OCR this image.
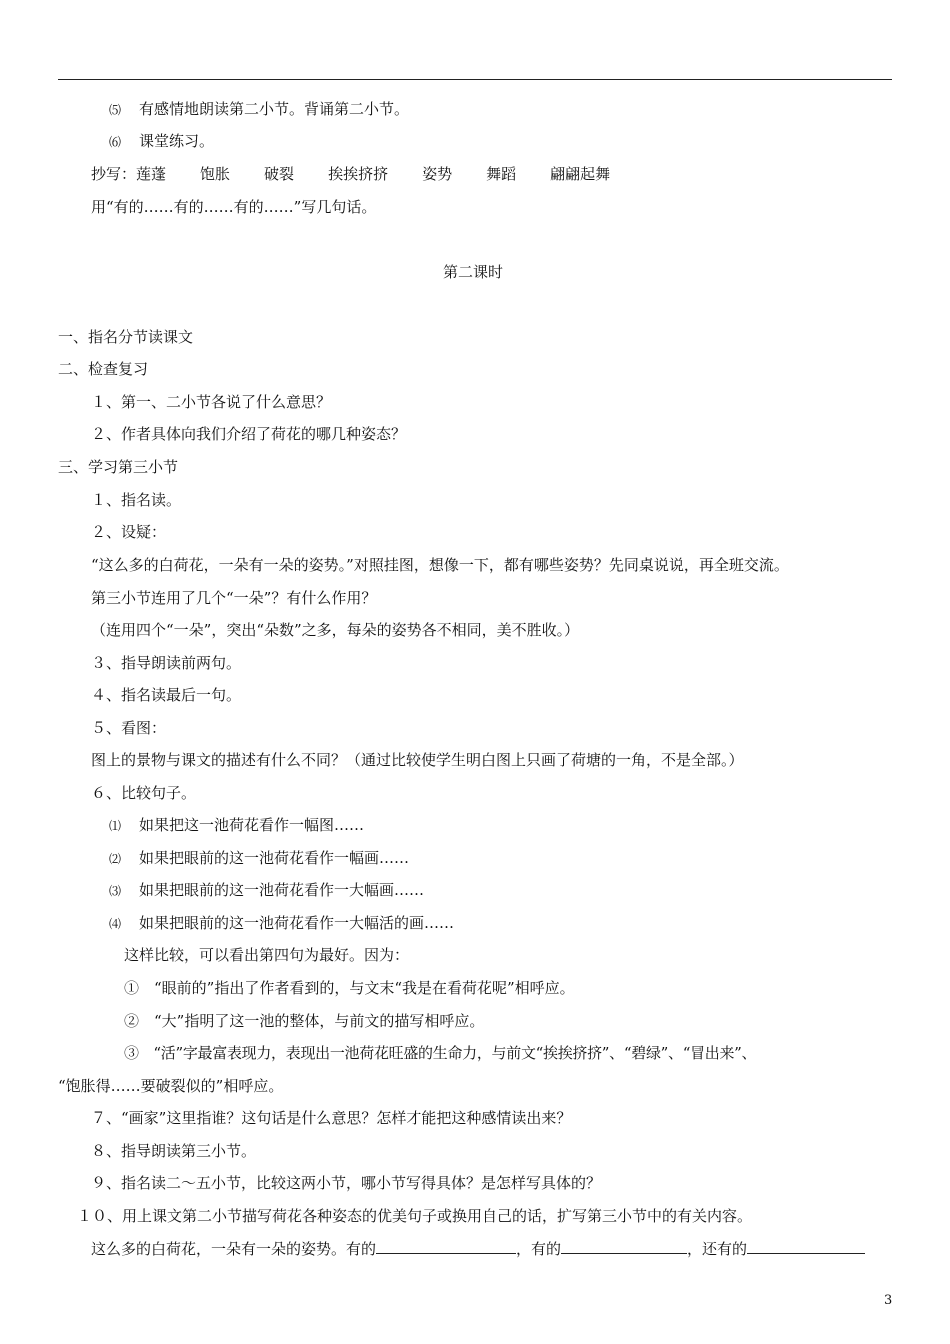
⑸ 有感情地朗读第二小节。背诵第二小节。
⑹ 课堂练习。
抄写：莲蓬 饱胀 破裂 挨挨挤挤 姿势 舞蹈 翩翩起舞
用“有的……有的……有的……”写几句话。
第二课时
一、指名分节读课文
二、检查复习
１、第一、二小节各说了什么意思？
２、作者具体向我们介绍了荷花的哪几种姿态？
三、学习第三小节
１、指名读。
２、设疑：
“这么多的白荷花，一朵有一朵的姿势。”对照挂图，想像一下，都有哪些姿势？先同桌说说，再全班交流。
第三小节连用了几个“一朵”？有什么作用？
（连用四个“一朵”，突出“朵数”之多，每朵的姿势各不相同，美不胜收。）
３、指导朗读前两句。
４、指名读最后一句。
５、看图：
图上的景物与课文的描述有什么不同？（通过比较使学生明白图上只画了荷塘的一角，不是全部。）
６、比较句子。
⑴ 如果把这一池荷花看作一幅图……
⑵ 如果把眼前的这一池荷花看作一幅画……
⑶ 如果把眼前的这一池荷花看作一大幅画……
⑷ 如果把眼前的这一池荷花看作一大幅活的画……
这样比较，可以看出第四句为最好。因为：
①　“眼前的”指出了作者看到的，与文末“我是在看荷花呢”相呼应。
②　“大”指明了这一池的整体，与前文的描写相呼应。
③　“活”字最富表现力，表现出一池荷花旺盛的生命力，与前文“挨挨挤挤”、“碧绿”、“冒出来”、
“饱胀得……要破裂似的”相呼应。
７、“画家”这里指谁？这句话是什么意思？怎样才能把这种感情读出来？
８、指导朗读第三小节。
９、指名读二～五小节，比较这两小节，哪小节写得具体？是怎样写具体的？
１０、用上课文第二小节描写荷花各种姿态的优美句子或换用自己的话，扩写第三小节中的有关内容。
这么多的白荷花，一朵有一朵的姿势。有的	，有的	，还有的
3
